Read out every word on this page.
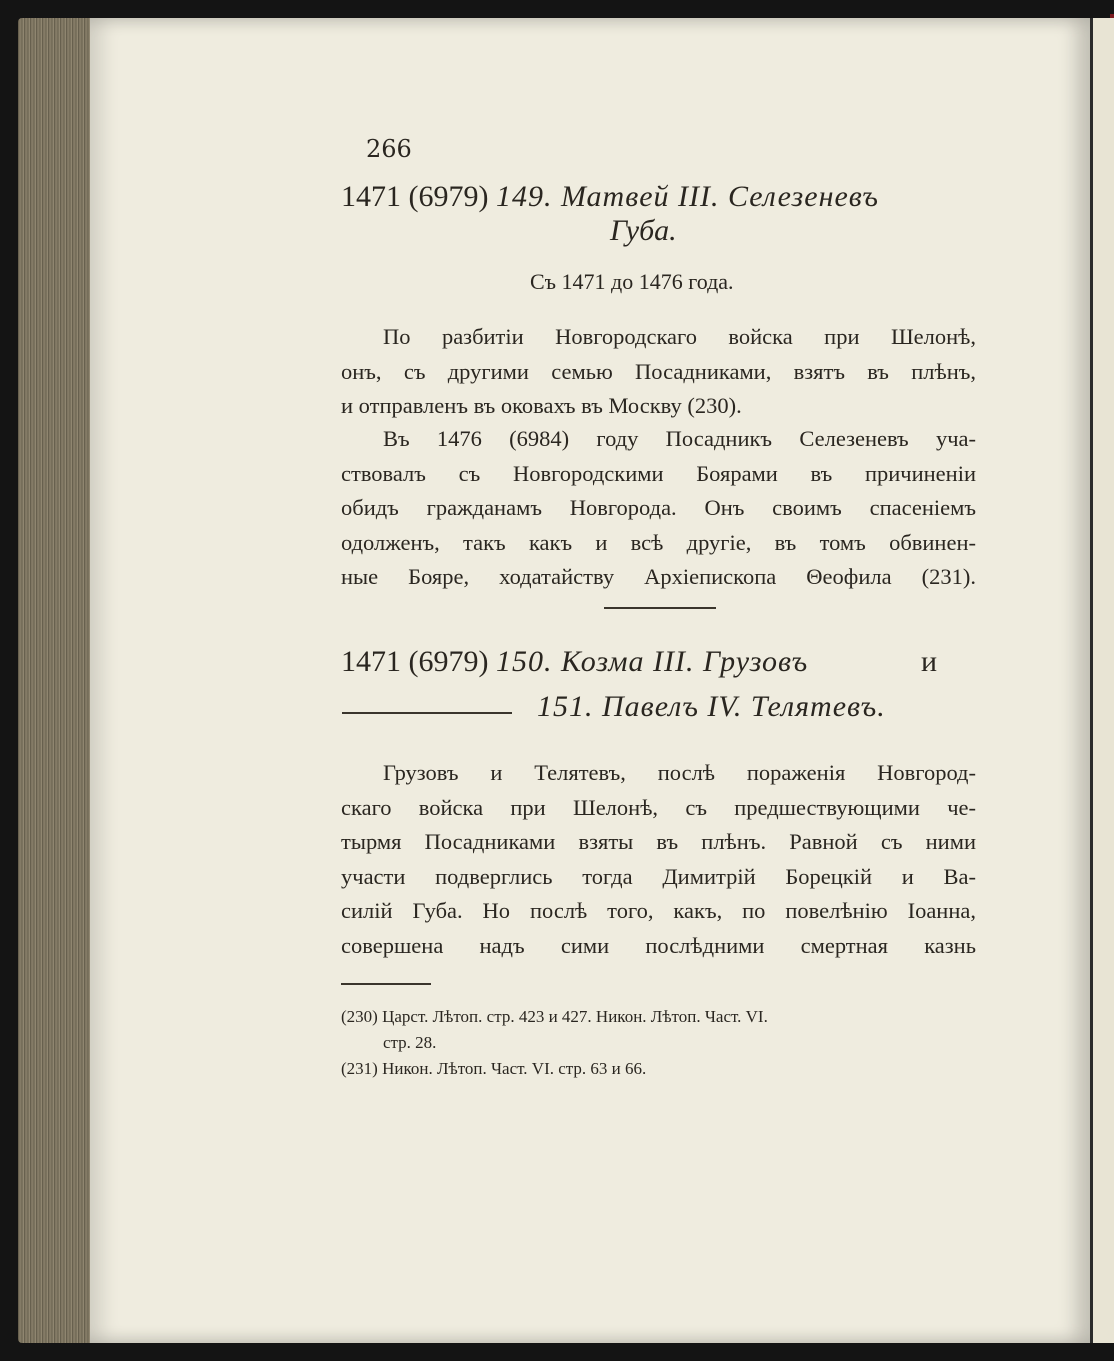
266
1471 (6979) 149. Матвей III. Селезеневъ
Губа.
Съ 1471 до 1476 года.
По разбитіи Новгородскаго войска при Шелонѣ,
онъ, съ другими семью Посадниками, взятъ въ плѣнъ,
и отправленъ въ оковахъ въ Москву (230).
Въ 1476 (6984) году Посадникъ Селезеневъ уча-
ствовалъ съ Новгородскими Боярами въ причиненіи
обидъ гражданамъ Новгорода. Онъ своимъ спасеніемъ
одолженъ, такъ какъ и всѣ другіе, въ томъ обвинен-
ные Бояре, ходатайству Архіепископа Θеофила (231).
1471 (6979) 150. Козма III. Грузовъ	и
151. Павелъ IV. Телятевъ.
Грузовъ и Телятевъ, послѣ пораженія Новгород-
скаго войска при Шелонѣ, съ предшествующими че-
тырмя Посадниками взяты въ плѣнъ. Равной съ ними
участи подверглись тогда Димитрій Борецкій и Ва-
силій Губа. Но послѣ того, какъ, по повелѣнію Іоанна,
совершена надъ сими послѣдними смертная казнь
(230) Царст. Лѣтоп. стр. 423 и 427. Никон. Лѣтоп. Част. VI.
стр. 28.
(231) Никон. Лѣтоп. Част. VI. стр. 63 и 66.
